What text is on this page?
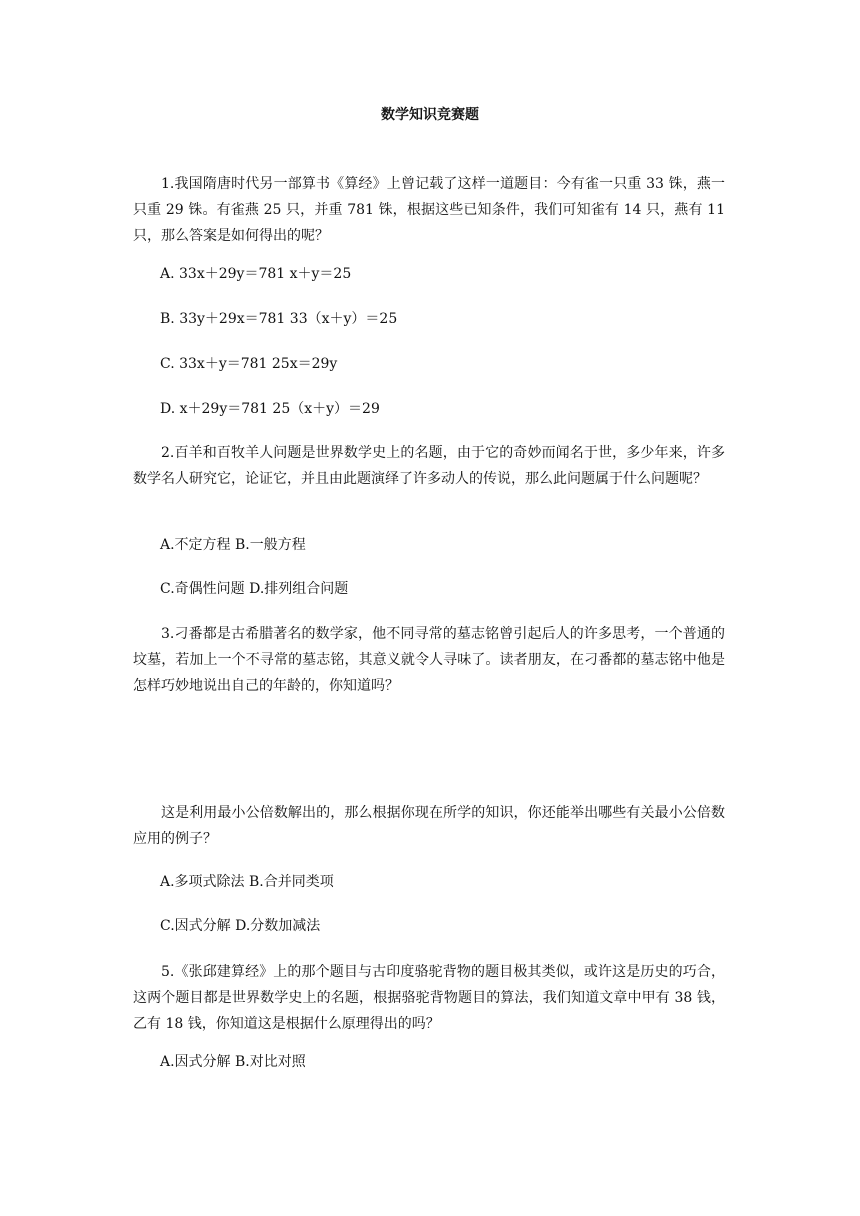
数学知识竞赛题

1.我国隋唐时代另一部算书《算经》上曾记载了这样一道题目：今有雀一只重 33 铢，燕一只重 29 铢。有雀燕 25 只，并重 781 铢，根据这些已知条件，我们可知雀有 14 只，燕有 11 只，那么答案是如何得出的呢？

A. 33x＋29y＝781 x＋y＝25

B. 33y＋29x＝781 33（x＋y）＝25

C. 33x＋y＝781 25x＝29y

D. x＋29y＝781 25（x＋y）＝29

2.百羊和百牧羊人问题是世界数学史上的名题，由于它的奇妙而闻名于世，多少年来，许多数学名人研究它，论证它，并且由此题演绎了许多动人的传说，那么此问题属于什么问题呢？

A.不定方程 B.一般方程

C.奇偶性问题 D.排列组合问题

3.刁番都是古希腊著名的数学家，他不同寻常的墓志铭曾引起后人的许多思考，一个普通的坟墓，若加上一个不寻常的墓志铭，其意义就令人寻味了。读者朋友，在刁番都的墓志铭中他是怎样巧妙地说出自己的年龄的，你知道吗？

这是利用最小公倍数解出的，那么根据你现在所学的知识，你还能举出哪些有关最小公倍数应用的例子？

A.多项式除法 B.合并同类项

C.因式分解 D.分数加减法

5.《张邱建算经》上的那个题目与古印度骆驼背物的题目极其类似，或许这是历史的巧合，这两个题目都是世界数学史上的名题，根据骆驼背物题目的算法，我们知道文章中甲有 38 钱，乙有 18 钱，你知道这是根据什么原理得出的吗？

A.因式分解 B.对比对照
